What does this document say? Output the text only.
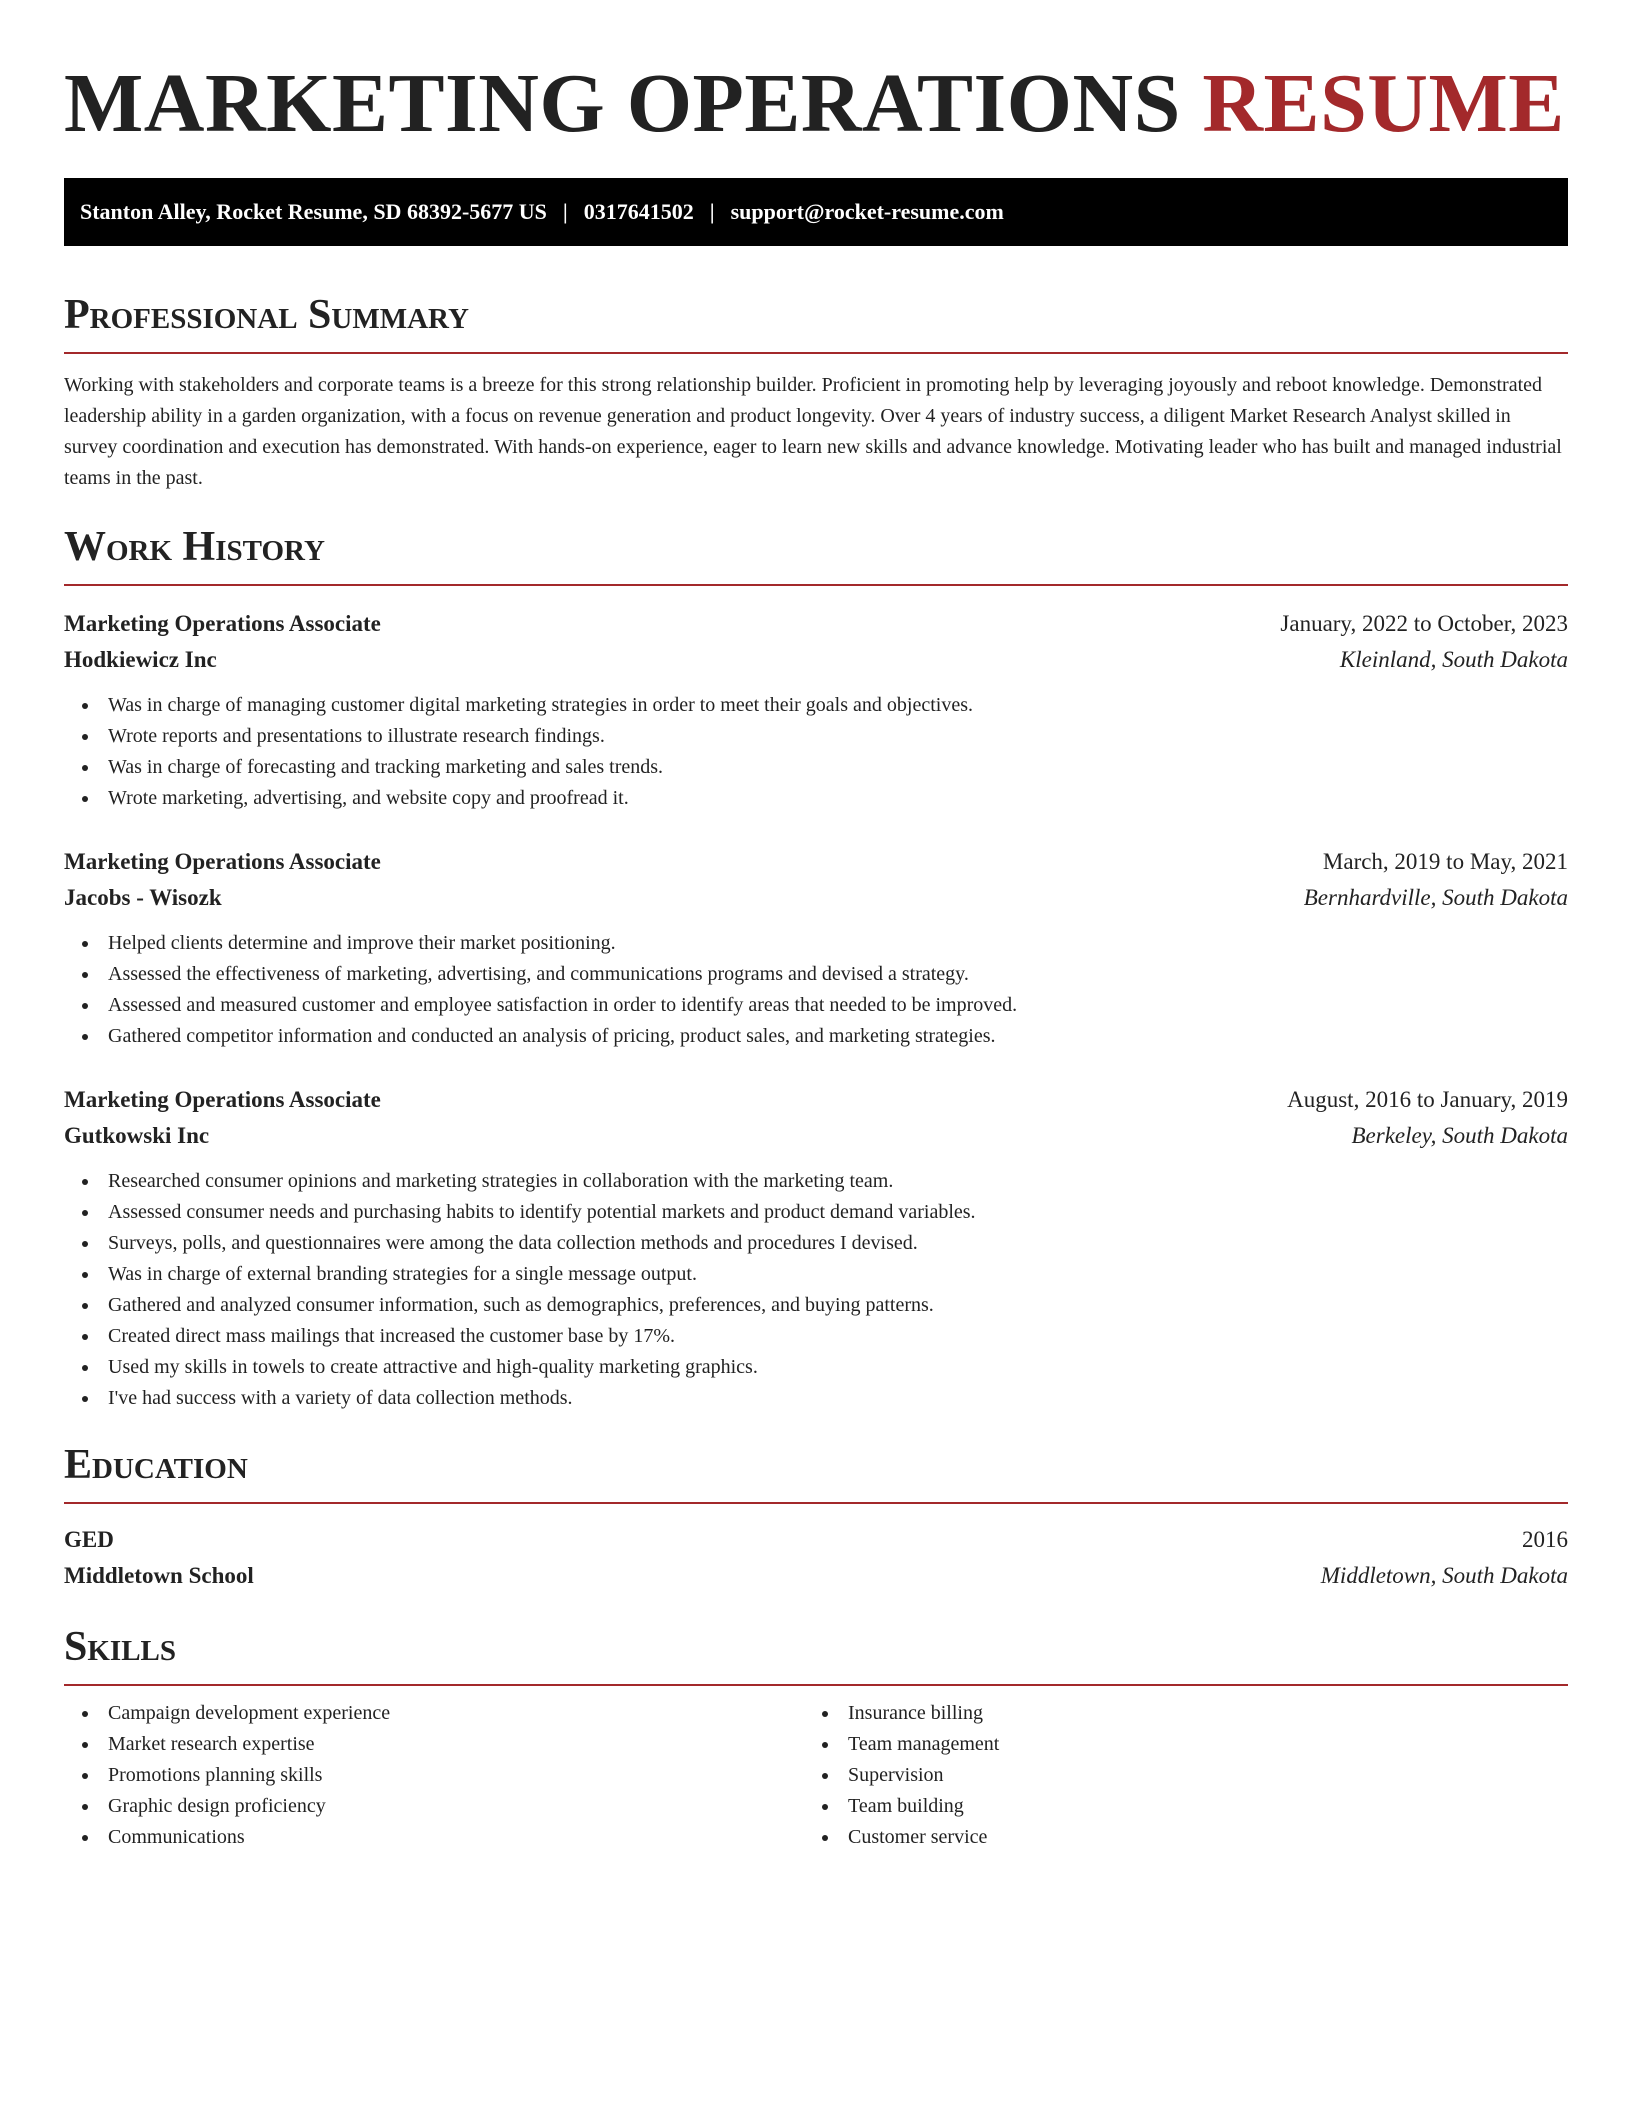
MARKETING OPERATIONS RESUME
Stanton Alley, Rocket Resume, SD 68392-5677 US | 0317641502 | support@rocket-resume.com
Professional Summary

Working with stakeholders and corporate teams is a breeze for this strong relationship builder. Proficient in promoting help by leveraging joyously and reboot knowledge. Demonstrated leadership ability in a garden organization, with a focus on revenue generation and product longevity. Over 4 years of industry success, a diligent Market Research Analyst skilled in survey coordination and execution has demonstrated. With hands-on experience, eager to learn new skills and advance knowledge. Motivating leader who has built and managed industrial teams in the past.

Work History
Marketing Operations Associate	January, 2022 to October, 2023
Hodkiewicz Inc	Kleinland, South Dakota
Was in charge of managing customer digital marketing strategies in order to meet their goals and objectives.
Wrote reports and presentations to illustrate research findings.
Was in charge of forecasting and tracking marketing and sales trends.
Wrote marketing, advertising, and website copy and proofread it.
Marketing Operations Associate	March, 2019 to May, 2021
Jacobs - Wisozk	Bernhardville, South Dakota
Helped clients determine and improve their market positioning.
Assessed the effectiveness of marketing, advertising, and communications programs and devised a strategy.
Assessed and measured customer and employee satisfaction in order to identify areas that needed to be improved.
Gathered competitor information and conducted an analysis of pricing, product sales, and marketing strategies.
Marketing Operations Associate	August, 2016 to January, 2019
Gutkowski Inc	Berkeley, South Dakota
Researched consumer opinions and marketing strategies in collaboration with the marketing team.
Assessed consumer needs and purchasing habits to identify potential markets and product demand variables.
Surveys, polls, and questionnaires were among the data collection methods and procedures I devised.
Was in charge of external branding strategies for a single message output.
Gathered and analyzed consumer information, such as demographics, preferences, and buying patterns.
Created direct mass mailings that increased the customer base by 17%.
Used my skills in towels to create attractive and high-quality marketing graphics.
I've had success with a variety of data collection methods.
Education
GED	2016
Middletown School	Middletown, South Dakota
Skills
Campaign development experience
Market research expertise
Promotions planning skills
Graphic design proficiency
Communications
Insurance billing
Team management
Supervision
Team building
Customer service
